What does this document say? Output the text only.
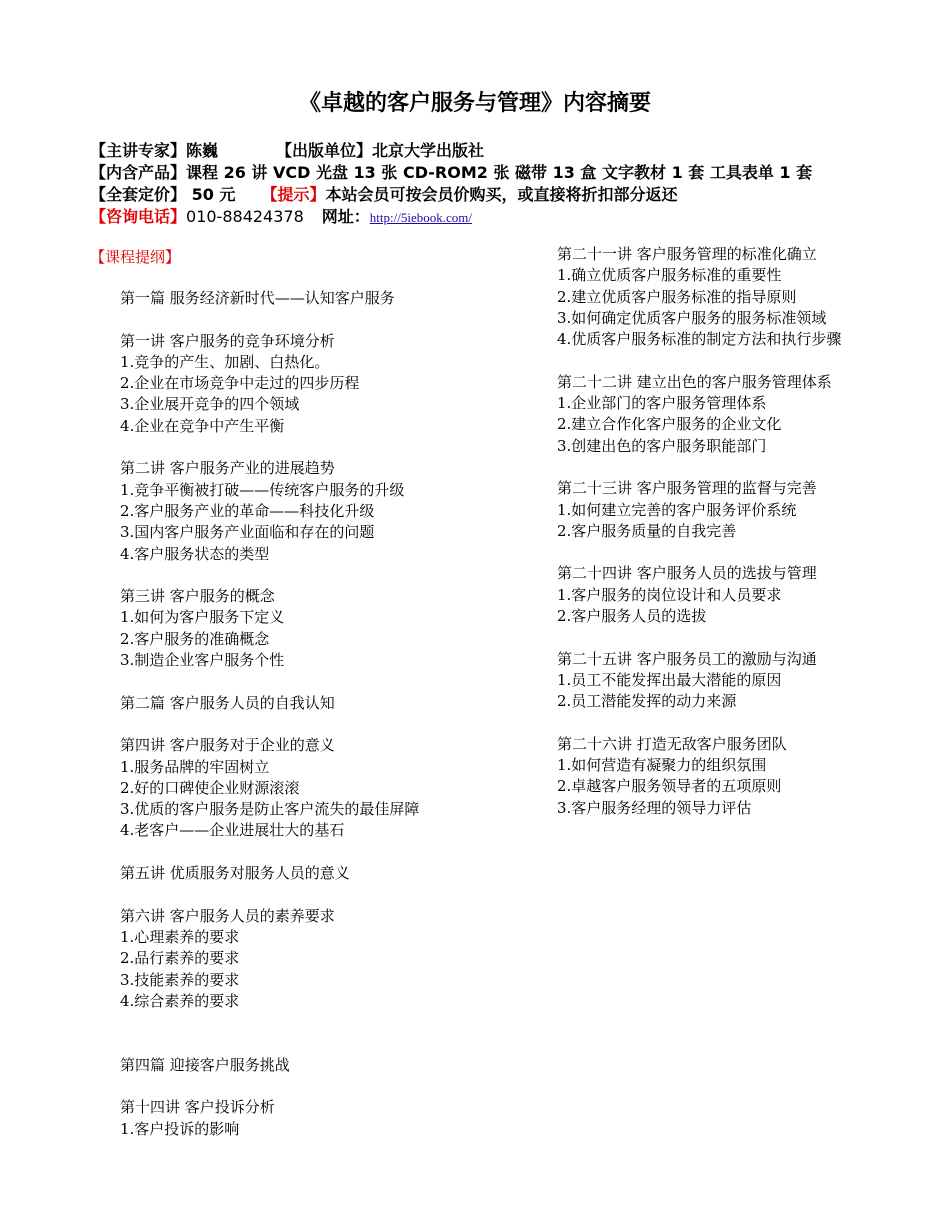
《卓越的客户服务与管理》内容摘要
【主讲专家】陈巍	【出版单位】北京大学出版社
【内含产品】课程 26 讲 VCD 光盘 13 张 CD-ROM2 张 磁带 13 盒 文字教材 1 套 工具表单 1 套
【全套定价】 50 元 【提示】本站会员可按会员价购买，或直接将折扣部分返还
【咨询电话】010-88424378 网址：http://5iebook.com/
【课程提纲】
第一篇 服务经济新时代——认知客户服务
第一讲 客户服务的竞争环境分析
1.竞争的产生、加剧、白热化。
2.企业在市场竞争中走过的四步历程
3.企业展开竞争的四个领域
4.企业在竞争中产生平衡
第二讲 客户服务产业的进展趋势
1.竞争平衡被打破——传统客户服务的升级
2.客户服务产业的革命——科技化升级
3.国内客户服务产业面临和存在的问题
4.客户服务状态的类型
第三讲 客户服务的概念
1.如何为客户服务下定义
2.客户服务的准确概念
3.制造企业客户服务个性
第二篇 客户服务人员的自我认知
第四讲 客户服务对于企业的意义
1.服务品牌的牢固树立
2.好的口碑使企业财源滚滚
3.优质的客户服务是防止客户流失的最佳屏障
4.老客户——企业进展壮大的基石
第五讲 优质服务对服务人员的意义
第六讲 客户服务人员的素养要求
1.心理素养的要求
2.品行素养的要求
3.技能素养的要求
4.综合素养的要求
第四篇 迎接客户服务挑战
第十四讲 客户投诉分析
1.客户投诉的影响
第二十一讲 客户服务管理的标准化确立
1.确立优质客户服务标准的重要性
2.建立优质客户服务标准的指导原则
3.如何确定优质客户服务的服务标准领域
4.优质客户服务标准的制定方法和执行步骤
第二十二讲 建立出色的客户服务管理体系
1.企业部门的客户服务管理体系
2.建立合作化客户服务的企业文化
3.创建出色的客户服务职能部门
第二十三讲 客户服务管理的监督与完善
1.如何建立完善的客户服务评价系统
2.客户服务质量的自我完善
第二十四讲 客户服务人员的选拔与管理
1.客户服务的岗位设计和人员要求
2.客户服务人员的选拔
第二十五讲 客户服务员工的激励与沟通
1.员工不能发挥出最大潜能的原因
2.员工潜能发挥的动力来源
第二十六讲 打造无敌客户服务团队
1.如何营造有凝聚力的组织氛围
2.卓越客户服务领导者的五项原则
3.客户服务经理的领导力评估
